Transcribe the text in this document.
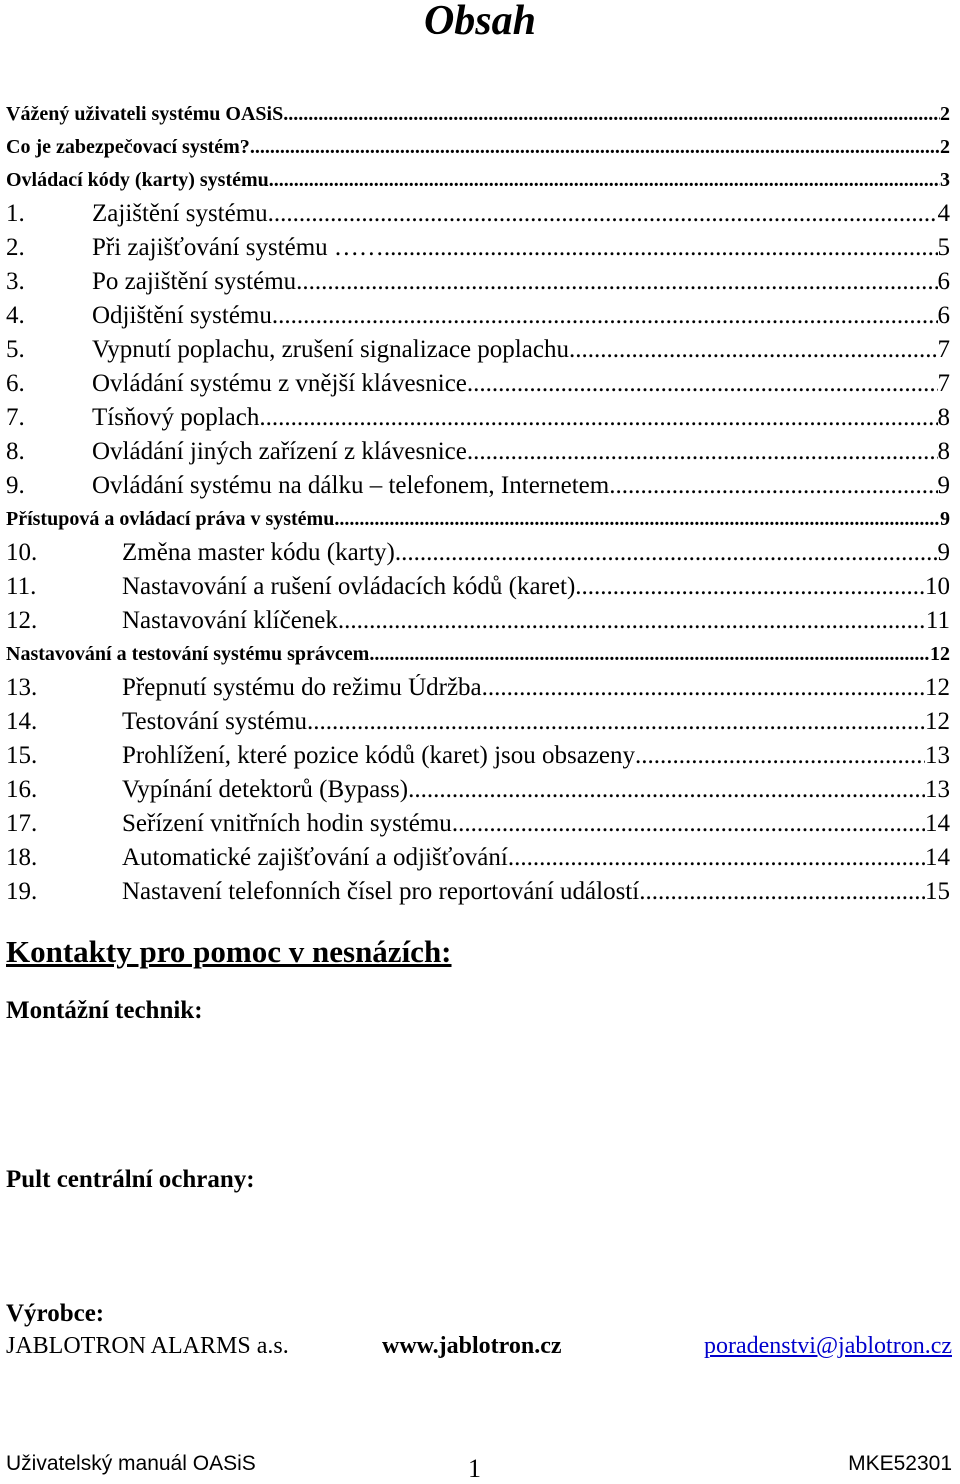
Obsah
Vážený uživateli systému OASiS .....	2
Co je zabezpečovací systém? .....	2
Ovládací kódy (karty) systému .....	3
1.	Zajištění systému .....	4
2.	Při zajišťování systému …… .....	5
3.	Po zajištění systému .....	6
4.	Odjištění systému .....	6
5.	Vypnutí poplachu, zrušení signalizace poplachu .....	7
6.	Ovládání systému z vnější klávesnice .....	7
7.	Tísňový poplach .....	8
8.	Ovládání jiných zařízení z klávesnice .....	8
9.	Ovládání systému na dálku – telefonem, Internetem .....	9
Přístupová a ovládací práva v systému .....	9
10.	Změna master kódu (karty) .....	9
11.	Nastavování a rušení ovládacích kódů (karet) .....	10
12.	Nastavování klíčenek .....	11
Nastavování a testování systému správcem .....	12
13.	Přepnutí systému do režimu Údržba .....	12
14.	Testování systému .....	12
15.	Prohlížení, které pozice kódů (karet) jsou obsazeny .....	13
16.	Vypínání detektorů (Bypass) .....	13
17.	Seřízení vnitřních hodin systému .....	14
18.	Automatické zajišťování a odjišťování .....	14
19.	Nastavení telefonních čísel pro reportování událostí .....	15
Kontakty pro pomoc v nesnázích:
Montážní technik:
Pult centrální ochrany:
Výrobce:
JABLOTRON ALARMS a.s.	www.jablotron.cz	poradenstvi@jablotron.cz
Uživatelský manuál OASiS	1	MKE52301
